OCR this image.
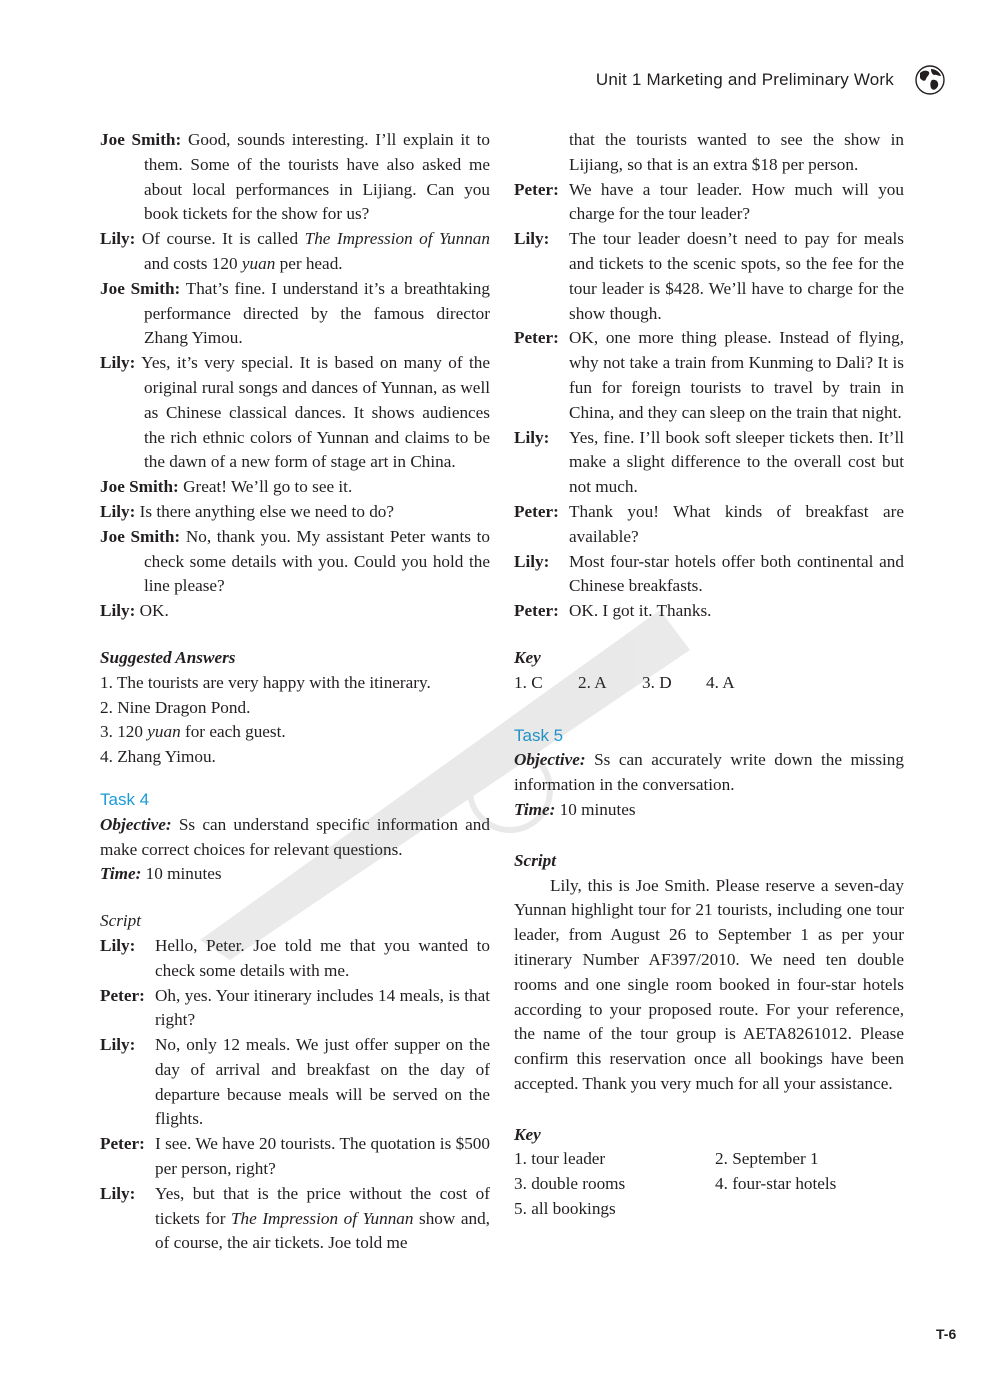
Unit 1 Marketing and Preliminary Work
Joe Smith: Good, sounds interesting. I’ll explain it to them. Some of the tourists have also asked me about local performances in Lijiang. Can you book tickets for the show for us?
Lily: Of course. It is called The Impression of Yunnan and costs 120 yuan per head.
Joe Smith: That’s fine. I understand it’s a breathtaking performance directed by the famous director Zhang Yimou.
Lily: Yes, it’s very special. It is based on many of the original rural songs and dances of Yunnan, as well as Chinese classical dances. It shows audiences the rich ethnic colors of Yunnan and claims to be the dawn of a new form of stage art in China.
Joe Smith: Great! We’ll go to see it.
Lily: Is there anything else we need to do?
Joe Smith: No, thank you. My assistant Peter wants to check some details with you. Could you hold the line please?
Lily: OK.
Suggested Answers
1. The tourists are very happy with the itinerary.
2. Nine Dragon Pond.
3. 120 yuan for each guest.
4. Zhang Yimou.
Task 4
Objective: Ss can understand specific information and make correct choices for relevant questions.
Time: 10 minutes
Script
Lily: Hello, Peter. Joe told me that you wanted to check some details with me.
Peter: Oh, yes. Your itinerary includes 14 meals, is that right?
Lily: No, only 12 meals. We just offer supper on the day of arrival and breakfast on the day of departure because meals will be served on the flights.
Peter: I see. We have 20 tourists. The quotation is $500 per person, right?
Lily: Yes, but that is the price without the cost of tickets for The Impression of Yunnan show and, of course, the air tickets. Joe told me
that the tourists wanted to see the show in Lijiang, so that is an extra $18 per person.
Peter: We have a tour leader. How much will you charge for the tour leader?
Lily: The tour leader doesn’t need to pay for meals and tickets to the scenic spots, so the fee for the tour leader is $428. We’ll have to charge for the show though.
Peter: OK, one more thing please. Instead of flying, why not take a train from Kunming to Dali? It is fun for foreign tourists to travel by train in China, and they can sleep on the train that night.
Lily: Yes, fine. I’ll book soft sleeper tickets then. It’ll make a slight difference to the overall cost but not much.
Peter: Thank you! What kinds of breakfast are available?
Lily: Most four-star hotels offer both continental and Chinese breakfasts.
Peter: OK. I got it. Thanks.
Key
1. C	2. A	3. D	4. A
Task 5
Objective: Ss can accurately write down the missing information in the conversation.
Time: 10 minutes
Script
Lily, this is Joe Smith. Please reserve a seven-day Yunnan highlight tour for 21 tourists, including one tour leader, from August 26 to September 1 as per your itinerary Number AF397/2010. We need ten double rooms and one single room booked in four-star hotels according to your proposed route. For your reference, the name of the tour group is AETA8261012. Please confirm this reservation once all bookings have been accepted. Thank you very much for all your assistance.
Key
1. tour leader	2. September 1
3. double rooms	4. four-star hotels
5. all bookings
T-6
